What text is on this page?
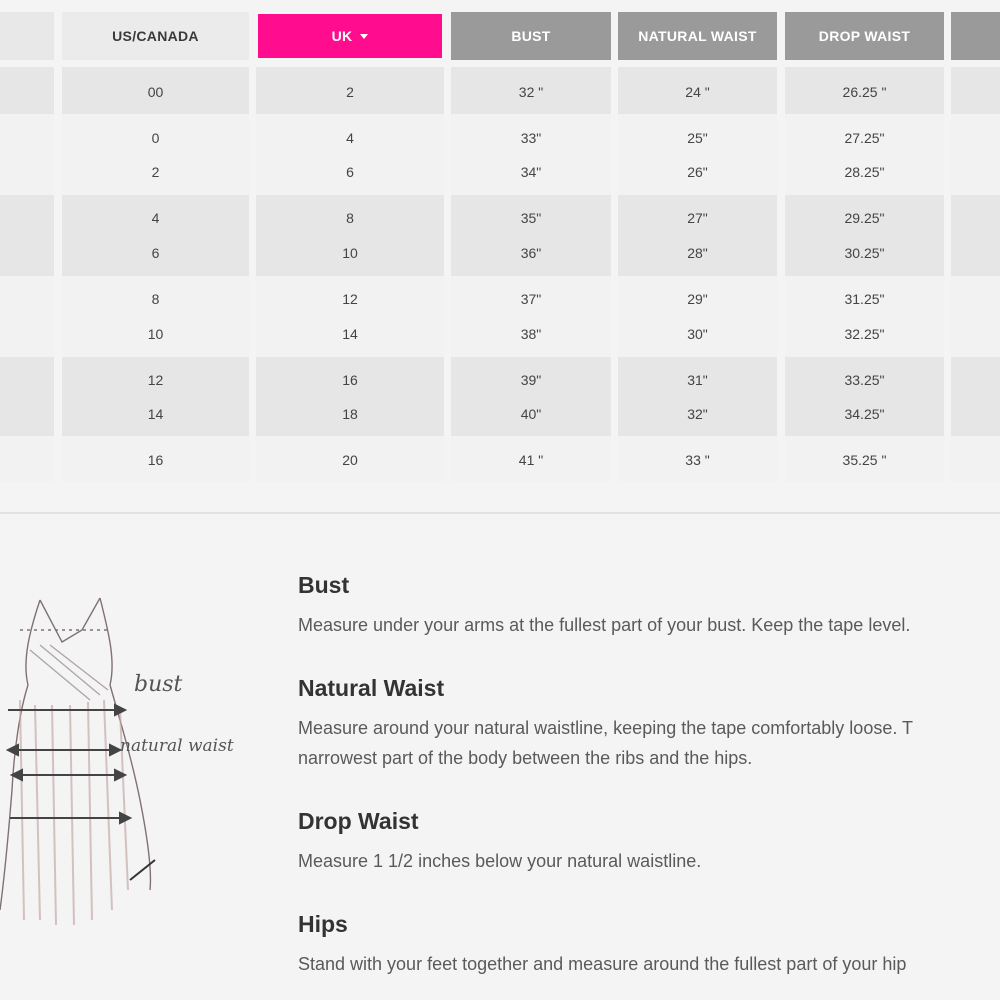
US/CANADA
00
0
2
4
6
8
10
12
14
16
UK
2
4
6
8
10
12
14
16
18
20
BUST
32 "
33"
34"
35"
36"
37"
38"
39"
40"
41 "
NATURAL WAIST
24 "
25"
26"
27"
28"
29"
30"
31"
32"
33 "
DROP WAIST
26.25 "
27.25"
28.25"
29.25"
30.25"
31.25"
32.25"
33.25"
34.25"
35.25 "
bust
natural waist
Bust
Measure under your arms at the fullest part of your bust. Keep the tape level.
Natural Waist
Measure around your natural waistline, keeping the tape comfortably loose. T
narrowest part of the body between the ribs and the hips.
Drop Waist
Measure 1 1/2 inches below your natural waistline.
Hips
Stand with your feet together and measure around the fullest part of your hip
